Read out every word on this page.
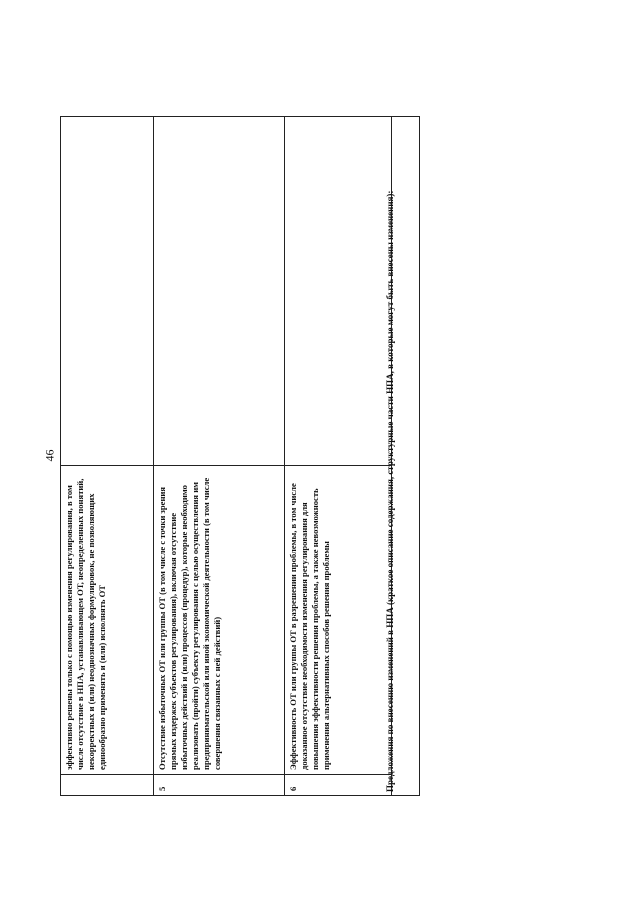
46
	эффективно решены только с помощью изменения регулирования, в том числе отсутствие в НПА, устанавливающем ОТ, неопределенных понятий, некорректных и (или) неоднозначных формулировок, не позволяющих единообразно применять и (или) исполнять ОТ	
5	Отсутствие избыточных ОТ или группы ОТ (в том числе с точки зрения прямых издержек субъектов регулирования), включая отсутствие избыточных действий и (или) процессов (процедур), которые необходимо реализовать (пройти) субъекту регулирования с целью осуществления им предпринимательской или иной экономической деятельности (в том числе совершения связанных с ней действий)	
6	Эффективность ОТ или группы ОТ в разрешении проблемы, в том числе доказанное отсутствие необходимости изменения регулирования для повышения эффективности решения проблемы, а также невозможность применения альтернативных способов решения проблемы		Предложения по внесению изменений в НПА (краткое описание содержания, структурные части НПА, в которые могут быть внесены изменения):
